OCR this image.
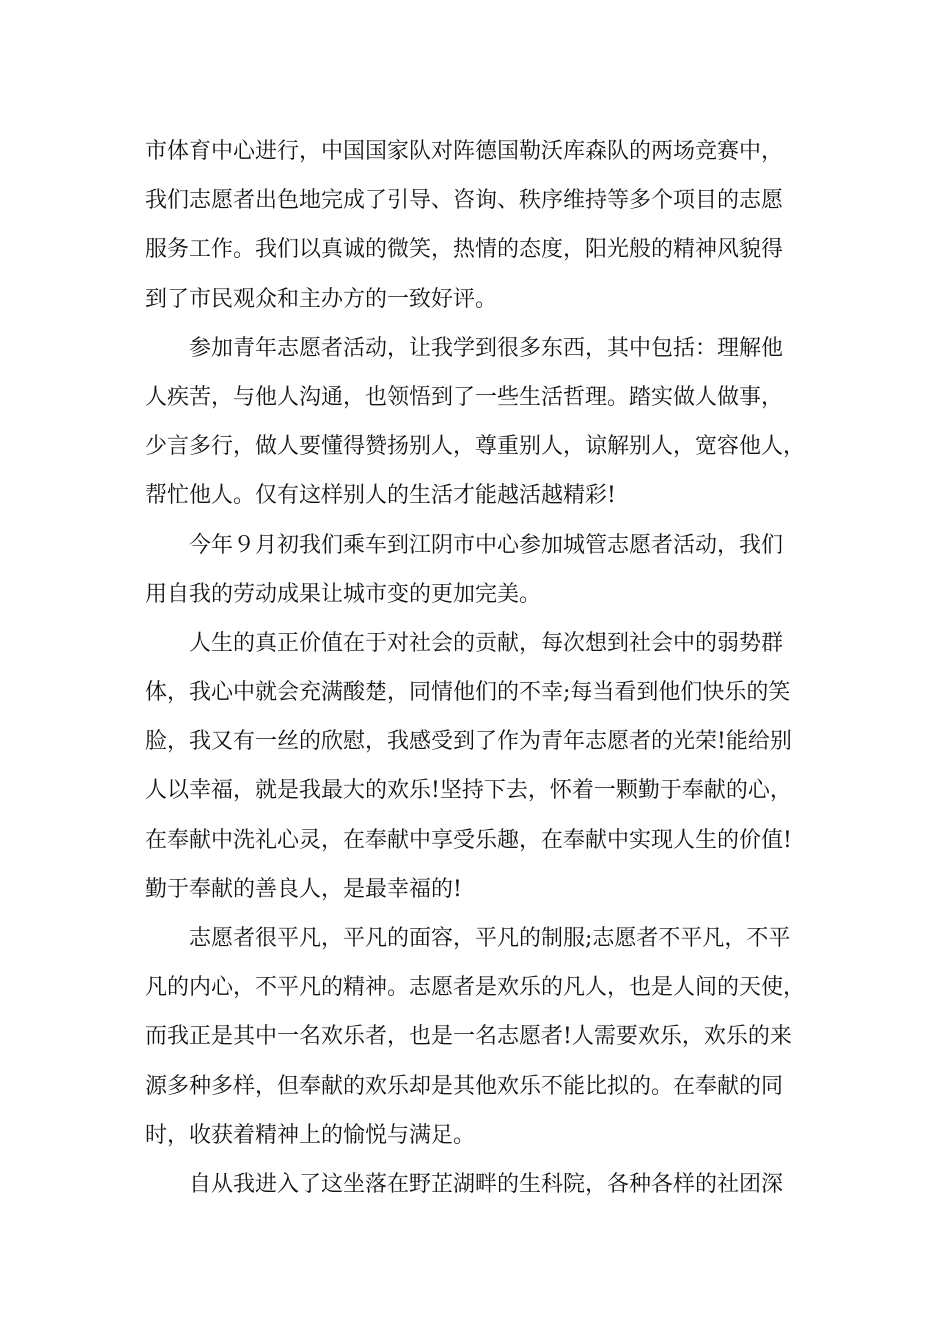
市体育中心进行，中国国家队对阵德国勒沃库森队的两场竞赛中，
我们志愿者出色地完成了引导、咨询、秩序维持等多个项目的志愿
服务工作。我们以真诚的微笑，热情的态度，阳光般的精神风貌得
到了市民观众和主办方的一致好评。
参加青年志愿者活动，让我学到很多东西，其中包括：理解他
人疾苦，与他人沟通，也领悟到了一些生活哲理。踏实做人做事，
少言多行，做人要懂得赞扬别人，尊重别人，谅解别人，宽容他人，
帮忙他人。仅有这样别人的生活才能越活越精彩!
今年９月初我们乘车到江阴市中心参加城管志愿者活动，我们
用自我的劳动成果让城市变的更加完美。
人生的真正价值在于对社会的贡献，每次想到社会中的弱势群
体，我心中就会充满酸楚，同情他们的不幸;每当看到他们快乐的笑
脸，我又有一丝的欣慰，我感受到了作为青年志愿者的光荣!能给别
人以幸福，就是我最大的欢乐!坚持下去，怀着一颗勤于奉献的心，
在奉献中洗礼心灵，在奉献中享受乐趣，在奉献中实现人生的价值!
勤于奉献的善良人，是最幸福的!
志愿者很平凡，平凡的面容，平凡的制服;志愿者不平凡，不平
凡的内心，不平凡的精神。志愿者是欢乐的凡人，也是人间的天使，
而我正是其中一名欢乐者，也是一名志愿者!人需要欢乐，欢乐的来
源多种多样，但奉献的欢乐却是其他欢乐不能比拟的。在奉献的同
时，收获着精神上的愉悦与满足。
自从我进入了这坐落在野芷湖畔的生科院，各种各样的社团深
